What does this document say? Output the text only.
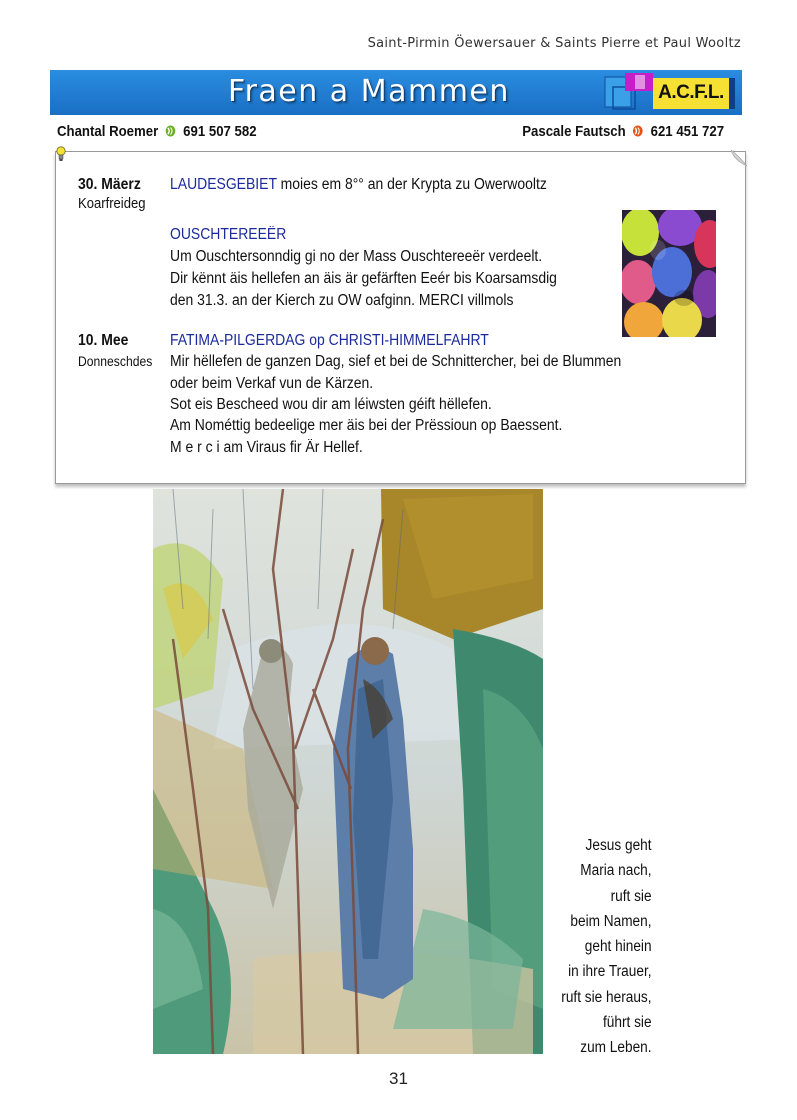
Saint-Pirmin Öewersauer & Saints Pierre et Paul Wooltz
Fraen a Mammen	A.C.F.L.
Chantal Roemer 691 507 582	Pascale Fautsch 621 451 727
30. Mäerz
Koarfreideg
LAUDESGEBIET moies em 8°° an der Krypta zu Owerwooltz
OUSCHTEREEËR
Um Ouschtersonndig gi no der Mass Ouschtereeër verdeelt.
Dir kënnt äis hellefen an äis är gefärften Eeér bis Koarsamsdig
den 31.3. an der Kierch zu OW oafginn. MERCI villmols
10. Mee
Donneschdes
FATIMA-PILGERDAG op CHRISTI-HIMMELFAHRT
Mir hëllefen de ganzen Dag, sief et bei de Schnittercher, bei de Blummen
oder beim Verkaf vun de Kärzen.
Sot eis Bescheed wou dir am léiwsten géift hëllefen.
Am Nométtig bedeelige mer äis bei der Prëssioun op Baessent.
M e r c i am Viraus fir Är Hellef.
Jesus geht
Maria nach,
ruft sie
beim Namen,
geht hinein
in ihre Trauer,
ruft sie heraus,
führt sie
zum Leben.
31
